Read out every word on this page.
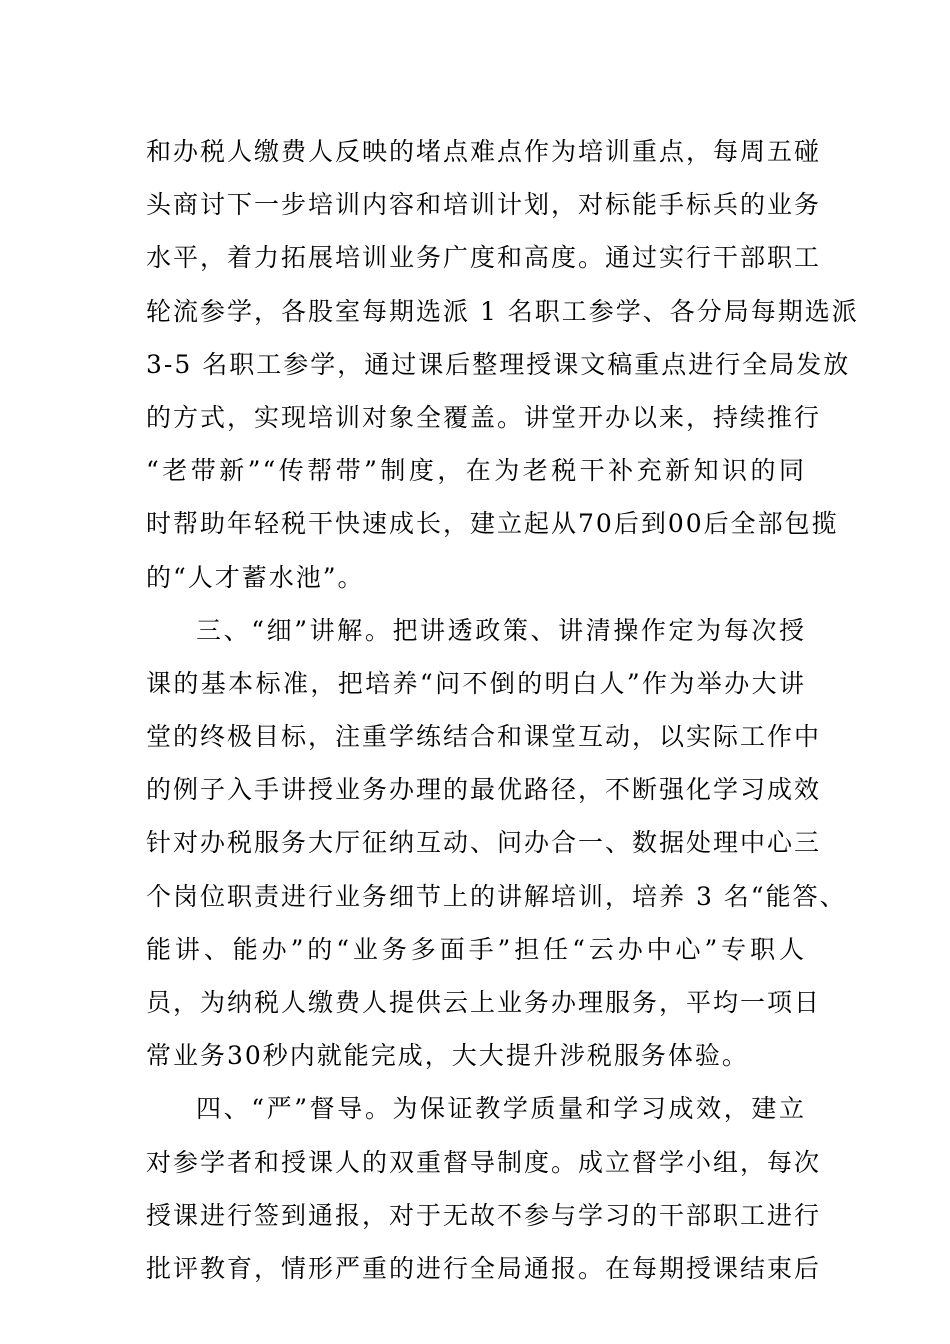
和办税人缴费人反映的堵点难点作为培训重点，每周五碰
头商讨下一步培训内容和培训计划，对标能手标兵的业务
水平，着力拓展培训业务广度和高度。通过实行干部职工
轮流参学，各股室每期选派 1 名职工参学、各分局每期选派
3-5 名职工参学，通过课后整理授课文稿重点进行全局发放
的方式，实现培训对象全覆盖。讲堂开办以来，持续推行
“老带新”“传帮带”制度，在为老税干补充新知识的同
时帮助年轻税干快速成长，建立起从70后到00后全部包揽
的“人才蓄水池”。
三、“细”讲解。把讲透政策、讲清操作定为每次授
课的基本标准，把培养“问不倒的明白人”作为举办大讲
堂的终极目标，注重学练结合和课堂互动，以实际工作中
的例子入手讲授业务办理的最优路径，不断强化学习成效
针对办税服务大厅征纳互动、问办合一、数据处理中心三
个岗位职责进行业务细节上的讲解培训，培养 3 名“能答、
能讲、能办”的“业务多面手”担任“云办中心”专职人
员，为纳税人缴费人提供云上业务办理服务，平均一项日
常业务30秒内就能完成，大大提升涉税服务体验。
四、“严”督导。为保证教学质量和学习成效，建立
对参学者和授课人的双重督导制度。成立督学小组，每次
授课进行签到通报，对于无故不参与学习的干部职工进行
批评教育，情形严重的进行全局通报。在每期授课结束后
